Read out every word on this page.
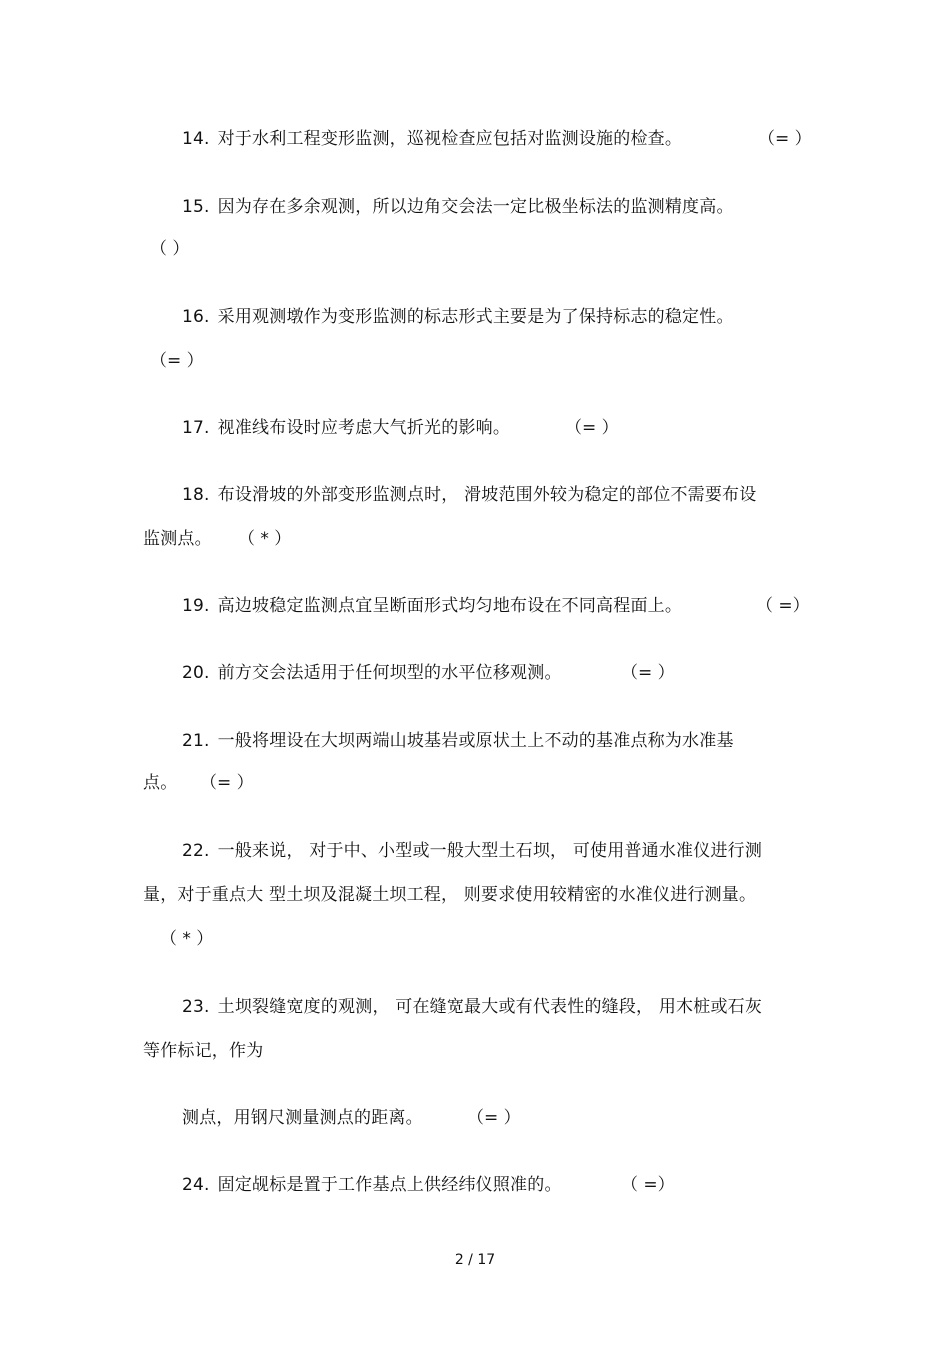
14. 对于水利工程变形监测，巡视检查应包括对监测设施的检查。	（= ）
15. 因为存在多余观测，所以边角交会法一定比极坐标法的监测精度高。
（ ）
16. 采用观测墩作为变形监测的标志形式主要是为了保持标志的稳定性。
（= ）
17. 视准线布设时应考虑大气折光的影响。	（= ）
18. 布设滑坡的外部变形监测点时， 滑坡范围外较为稳定的部位不需要布设
监测点。 （ * ）
19. 高边坡稳定监测点宜呈断面形式均匀地布设在不同高程面上。	（ =）
20. 前方交会法适用于任何坝型的水平位移观测。	（= ）
21. 一般将埋设在大坝两端山坡基岩或原状土上不动的基准点称为水准基
点。 （= ）
22. 一般来说， 对于中、小型或一般大型土石坝， 可使用普通水准仪进行测
量，对于重点大 型土坝及混凝土坝工程， 则要求使用较精密的水准仪进行测量。
（ * ）
23. 土坝裂缝宽度的观测， 可在缝宽最大或有代表性的缝段， 用木桩或石灰
等作标记，作为
测点，用钢尺测量测点的距离。	（= ）
24. 固定觇标是置于工作基点上供经纬仪照准的。	（ =）
2 / 17
